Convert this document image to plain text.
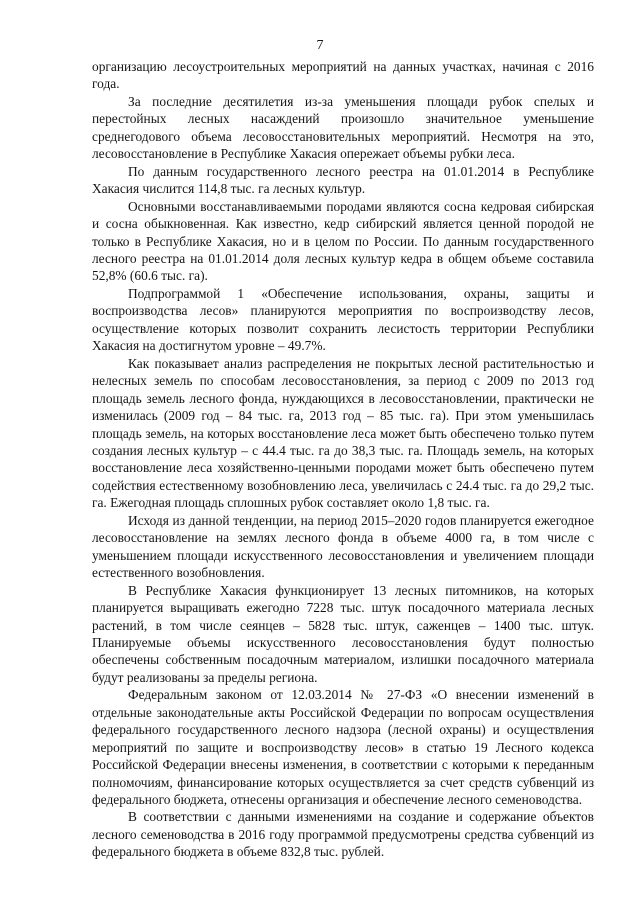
7

организацию лесоустроительных мероприятий на данных участках, начиная с 2016 года.

За последние десятилетия из-за уменьшения площади рубок спелых и перестойных лесных насаждений произошло значительное уменьшение среднегодового объема лесовосстановительных мероприятий. Несмотря на это, лесовосстановление в Республике Хакасия опережает объемы рубки леса.

По данным государственного лесного реестра на 01.01.2014 в Республике Хакасия числится 114,8 тыс. га лесных культур.

Основными восстанавливаемыми породами являются сосна кедровая сибирская и сосна обыкновенная. Как известно, кедр сибирский является ценной породой не только в Республике Хакасия, но и в целом по России. По данным государственного лесного реестра на 01.01.2014 доля лесных культур кедра в общем объеме составила 52,8% (60.6 тыс. га).

Подпрограммой 1 «Обеспечение использования, охраны, защиты и воспроизводства лесов» планируются мероприятия по воспроизводству лесов, осуществление которых позволит сохранить лесистость территории Республики Хакасия на достигнутом уровне – 49.7%.

Как показывает анализ распределения не покрытых лесной растительностью и нелесных земель по способам лесовосстановления, за период с 2009 по 2013 год площадь земель лесного фонда, нуждающихся в лесовосстановлении, практически не изменилась (2009 год – 84 тыс. га, 2013 год – 85 тыс. га). При этом уменьшилась площадь земель, на которых восстановление леса может быть обеспечено только путем создания лесных культур – с 44.4 тыс. га до 38,3 тыс. га. Площадь земель, на которых восстановление леса хозяйственно-ценными породами может быть обеспечено путем содействия естественному возобновлению леса, увеличилась с 24.4 тыс. га до 29,2 тыс. га. Ежегодная площадь сплошных рубок составляет около 1,8 тыс. га.

Исходя из данной тенденции, на период 2015–2020 годов планируется ежегодное лесовосстановление на землях лесного фонда в объеме 4000 га, в том числе с уменьшением площади искусственного лесовосстановления и увеличением площади естественного возобновления.

В Республике Хакасия функционирует 13 лесных питомников, на которых планируется выращивать ежегодно 7228 тыс. штук посадочного материала лесных растений, в том числе сеянцев – 5828 тыс. штук, саженцев – 1400 тыс. штук. Планируемые объемы искусственного лесовосстановления будут полностью обеспечены собственным посадочным материалом, излишки посадочного материала будут реализованы за пределы региона.

Федеральным законом от 12.03.2014 № 27-ФЗ «О внесении изменений в отдельные законодательные акты Российской Федерации по вопросам осуществления федерального государственного лесного надзора (лесной охраны) и осуществления мероприятий по защите и воспроизводству лесов» в статью 19 Лесного кодекса Российской Федерации внесены изменения, в соответствии с которыми к переданным полномочиям, финансирование которых осуществляется за счет средств субвенций из федерального бюджета, отнесены организация и обеспечение лесного семеноводства.

В соответствии с данными изменениями на создание и содержание объектов лесного семеноводства в 2016 году программой предусмотрены средства субвенций из федерального бюджета в объеме 832,8 тыс. рублей.
